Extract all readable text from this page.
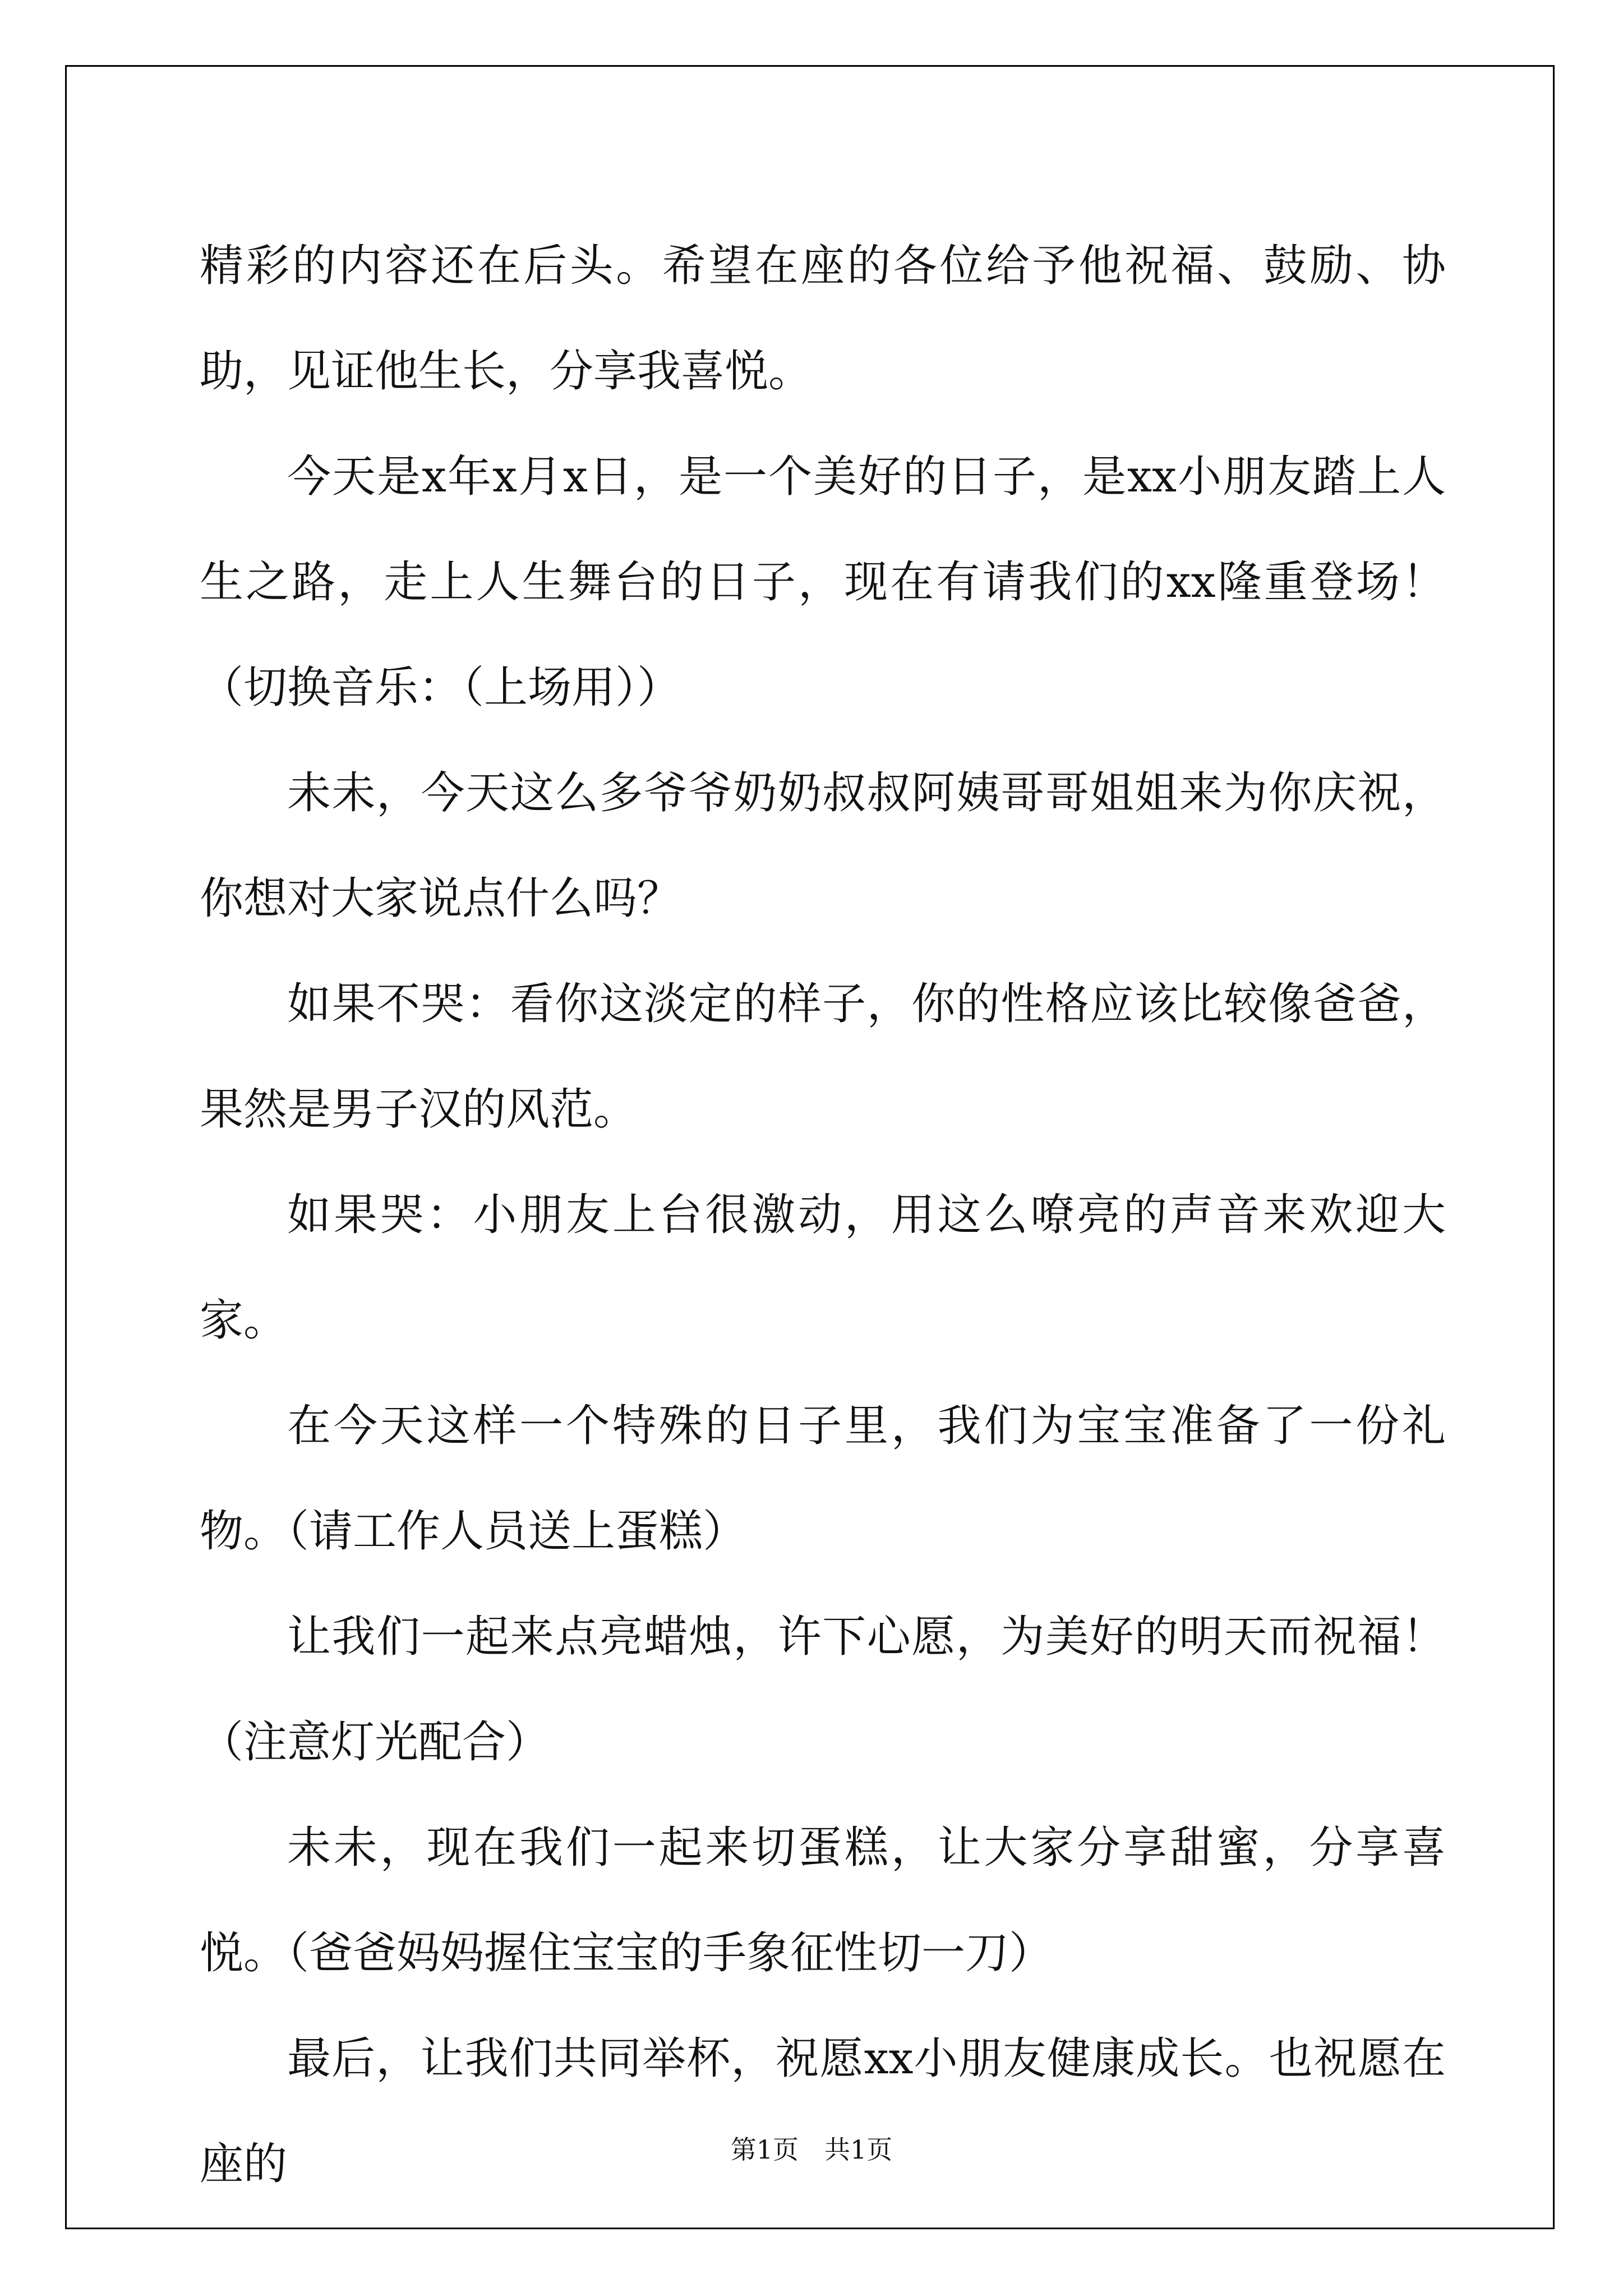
精彩的内容还在后头。希望在座的各位给予他祝福、鼓励、协助，见证他生长，分享我喜悦。

今天是x年x月x日，是一个美好的日子，是xx小朋友踏上人生之路，走上人生舞台的日子，现在有请我们的xx隆重登场！（切换音乐：（上场用））

未未，今天这么多爷爷奶奶叔叔阿姨哥哥姐姐来为你庆祝，你想对大家说点什么吗？

如果不哭：看你这淡定的样子，你的性格应该比较像爸爸，果然是男子汉的风范。

如果哭：小朋友上台很激动，用这么嘹亮的声音来欢迎大家。

在今天这样一个特殊的日子里，我们为宝宝准备了一份礼物。（请工作人员送上蛋糕）

让我们一起来点亮蜡烛，许下心愿，为美好的明天而祝福！（注意灯光配合）

未未，现在我们一起来切蛋糕，让大家分享甜蜜，分享喜悦。（爸爸妈妈握住宝宝的手象征性切一刀）

最后，让我们共同举杯，祝愿xx小朋友健康成长。也祝愿在座的	第1页　共1页
